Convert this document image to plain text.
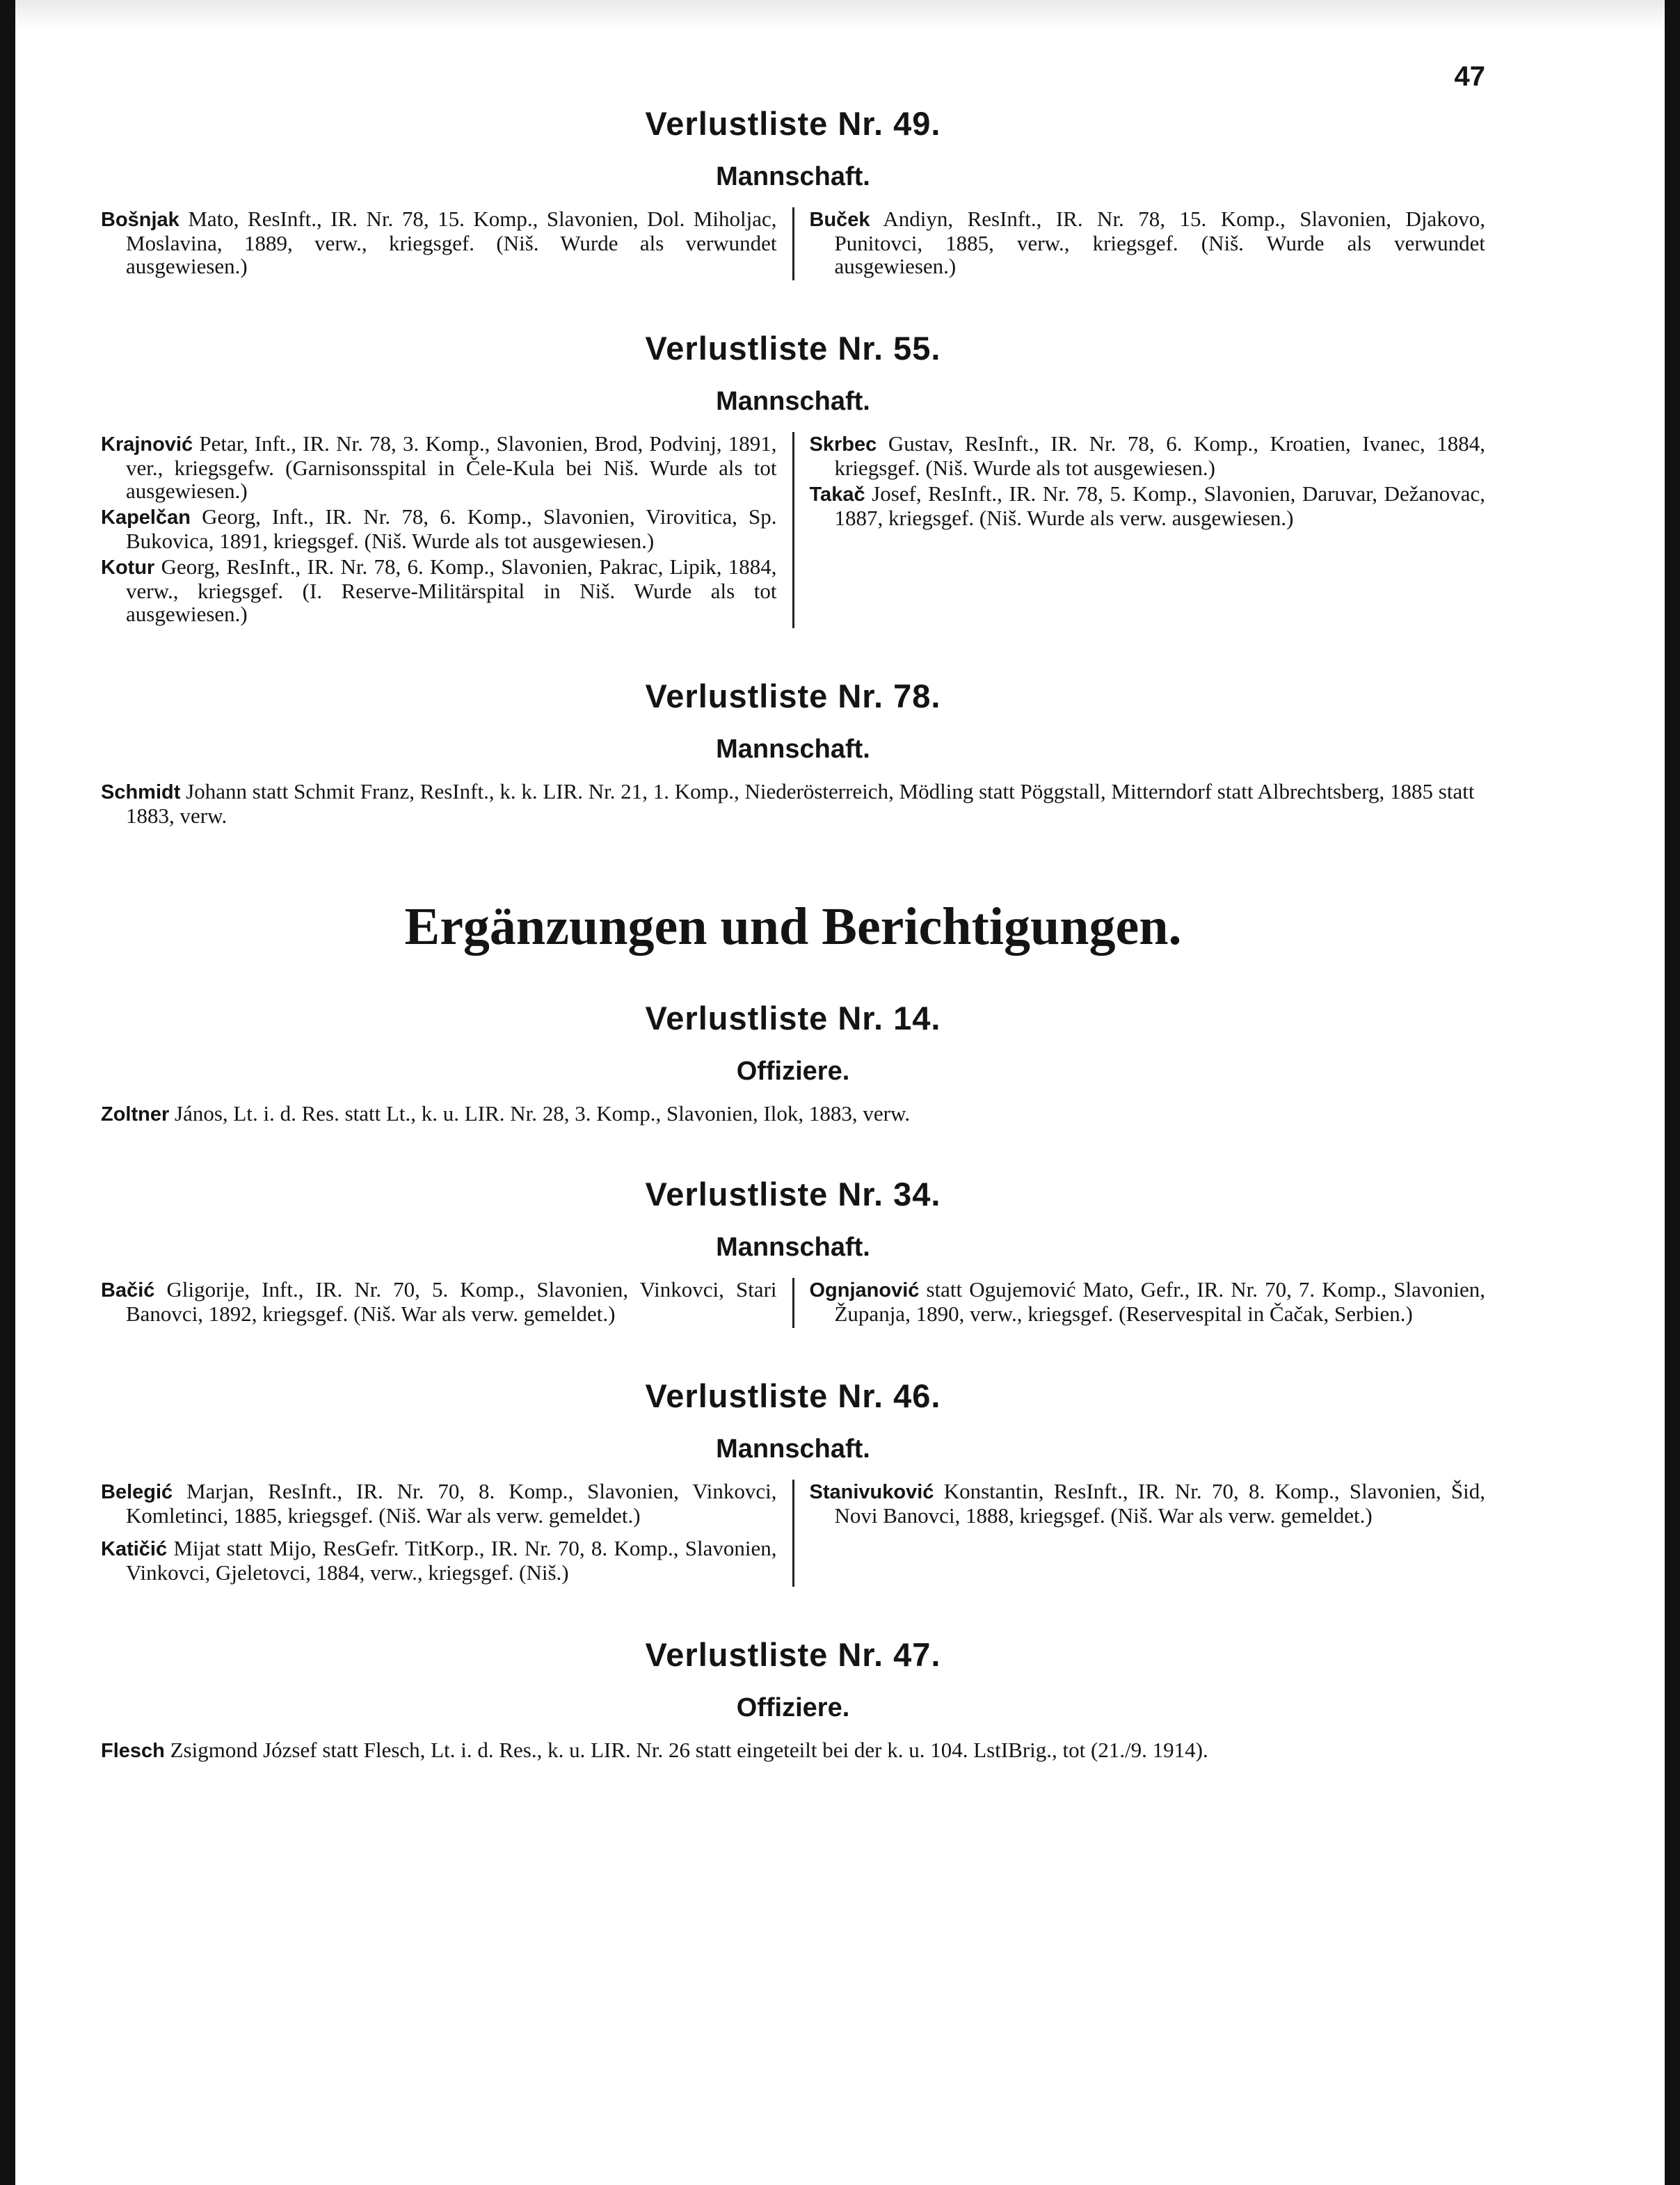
47
Verlustliste Nr. 49.
Mannschaft.

Bošnjak Mato, ResInft., IR. Nr. 78, 15. Komp., Slavonien, Dol. Miholjac, Moslavina, 1889, verw., kriegsgef. (Niš. Wurde als verwundet ausgewiesen.)

Buček Andiyn, ResInft., IR. Nr. 78, 15. Komp., Slavonien, Djakovo, Punitovci, 1885, verw., kriegsgef. (Niš. Wurde als verwundet ausgewiesen.)

Verlustliste Nr. 55.
Mannschaft.

Krajnović Petar, Inft., IR. Nr. 78, 3. Komp., Slavonien, Brod, Podvinj, 1891, ver., kriegsgefw. (Garnisonsspital in Čele-Kula bei Niš. Wurde als tot ausgewiesen.)

Kapelčan Georg, Inft., IR. Nr. 78, 6. Komp., Slavonien, Virovitica, Sp. Bukovica, 1891, kriegsgef. (Niš. Wurde als tot ausgewiesen.)

Kotur Georg, ResInft., IR. Nr. 78, 6. Komp., Slavonien, Pakrac, Lipik, 1884, verw., kriegsgef. (I. Reserve-Militärspital in Niš. Wurde als tot ausgewiesen.)

Skrbec Gustav, ResInft., IR. Nr. 78, 6. Komp., Kroatien, Ivanec, 1884, kriegsgef. (Niš. Wurde als tot ausgewiesen.)

Takač Josef, ResInft., IR. Nr. 78, 5. Komp., Slavonien, Daruvar, Dežanovac, 1887, kriegsgef. (Niš. Wurde als verw. ausgewiesen.)

Verlustliste Nr. 78.
Mannschaft.

Schmidt Johann statt Schmit Franz, ResInft., k. k. LIR. Nr. 21, 1. Komp., Niederösterreich, Mödling statt Pöggstall, Mitterndorf statt Albrechtsberg, 1885 statt 1883, verw.

Ergänzungen und Berichtigungen.
Verlustliste Nr. 14.
Offiziere.

Zoltner János, Lt. i. d. Res. statt Lt., k. u. LIR. Nr. 28, 3. Komp., Slavonien, Ilok, 1883, verw.

Verlustliste Nr. 34.
Mannschaft.

Bačić Gligorije, Inft., IR. Nr. 70, 5. Komp., Slavonien, Vinkovci, Stari Banovci, 1892, kriegsgef. (Niš. War als verw. gemeldet.)

Ognjanović statt Ogujemović Mato, Gefr., IR. Nr. 70, 7. Komp., Slavonien, Županja, 1890, verw., kriegsgef. (Reservespital in Čačak, Serbien.)

Verlustliste Nr. 46.
Mannschaft.

Belegić Marjan, ResInft., IR. Nr. 70, 8. Komp., Slavonien, Vinkovci, Komletinci, 1885, kriegsgef. (Niš. War als verw. gemeldet.)

Katičić Mijat statt Mijo, ResGefr. TitKorp., IR. Nr. 70, 8. Komp., Slavonien, Vinkovci, Gjeletovci, 1884, verw., kriegsgef. (Niš.)

Stanivuković Konstantin, ResInft., IR. Nr. 70, 8. Komp., Slavonien, Šid, Novi Banovci, 1888, kriegsgef. (Niš. War als verw. gemeldet.)

Verlustliste Nr. 47.
Offiziere.

Flesch Zsigmond József statt Flesch, Lt. i. d. Res., k. u. LIR. Nr. 26 statt eingeteilt bei der k. u. 104. LstIBrig., tot (21./9. 1914).
